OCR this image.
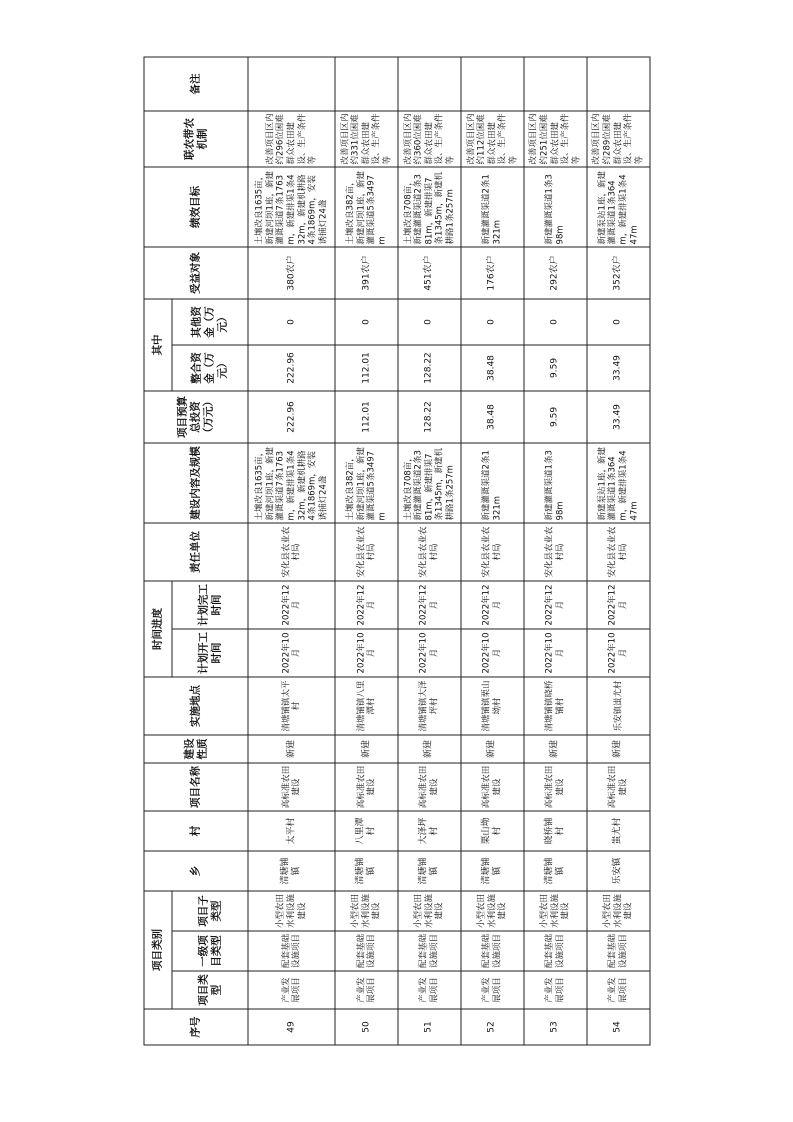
序号	项目类别			乡	村	项目名称	建设性质	实施地点	时间进度		责任单位	建设内容及规模	项目预算总投资（万元）	其中		受益对象	绩效目标	联农带农机制	备注
	项目类型	一级项目类型	项目子类型						计划开工时间	计划完工时间				整合资金（万元）	其他资金（万元）				
49	产业发展项目	配套基础设施项目	小型农田水利设施建设	清塘铺镇	太平村	高标准农田建设	新建	清塘铺镇太平村	2022年10月	2022年12月	安化县农业农村局	土壤改良1635亩，新建河坝1座，新建灌溉渠道7条1763m，新建排渠1条432m，新建机耕路4条1869m，安装诱捕灯24盏	222.96	222.96	0	380农户	土壤改良1635亩，新建河坝1座，新建灌溉渠道7条1763m，新建排渠1条432m，新建机耕路4条1869m，安装诱捕灯24盏	改善项目区内约296位困难群众农田建设、生产条件等	
50	产业发展项目	配套基础设施项目	小型农田水利设施建设	清塘铺镇	八里潭村	高标准农田建设	新建	清塘铺镇八里潭村	2022年10月	2022年12月	安化县农业农村局	土壤改良382亩，新建河坝1座，新建灌溉渠道5条3497m	112.01	112.01	0	391农户	土壤改良382亩，新建河坝1座，新建灌溉渠道5条3497m	改善项目区内约331位困难群众农田建设、生产条件等	
51	产业发展项目	配套基础设施项目	小型农田水利设施建设	清塘铺镇	大泽坪村	高标准农田建设	新建	清塘铺镇大泽坪村	2022年10月	2022年12月	安化县农业农村局	土壤改良708亩，新建灌溉渠道2条381m，新建排渠7条1345m，新建机耕路1条257m	128.22	128.22	0	451农户	土壤改良708亩，新建灌溉渠道2条381m，新建排渠7条1345m，新建机耕路1条257m	改善项目区内约360位困难群众农田建设、生产条件等	
52	产业发展项目	配套基础设施项目	小型农田水利设施建设	清塘铺镇	栗山坳村	高标准农田建设	新建	清塘铺镇栗山坳村	2022年10月	2022年12月	安化县农业农村局	新建灌溉渠道2条1321m	38.48	38.48	0	176农户	新建灌溉渠道2条1321m	改善项目区内约112位困难群众农田建设、生产条件等	
53	产业发展项目	配套基础设施项目	小型农田水利设施建设	清塘铺镇	晓桥铺村	高标准农田建设	新建	清塘铺镇晓桥铺村	2022年10月	2022年12月	安化县农业农村局	新建灌溉渠道1条398m	9.59	9.59	0	292农户	新建灌溉渠道1条398m	改善项目区内约251位困难群众农田建设、生产条件等	
54	产业发展项目	配套基础设施项目	小型农田水利设施建设	乐安镇	蚩尤村	高标准农田建设	新建	乐安镇蚩尤村	2022年10月	2022年12月	安化县农业农村局	新建泵站1座，新建灌溉渠道1条364m，新建排渠1条447m	33.49	33.49	0	352农户	新建泵站1座，新建灌溉渠道1条364m，新建排渠1条447m	改善项目区内约289位困难群众农田建设、生产条件等	
